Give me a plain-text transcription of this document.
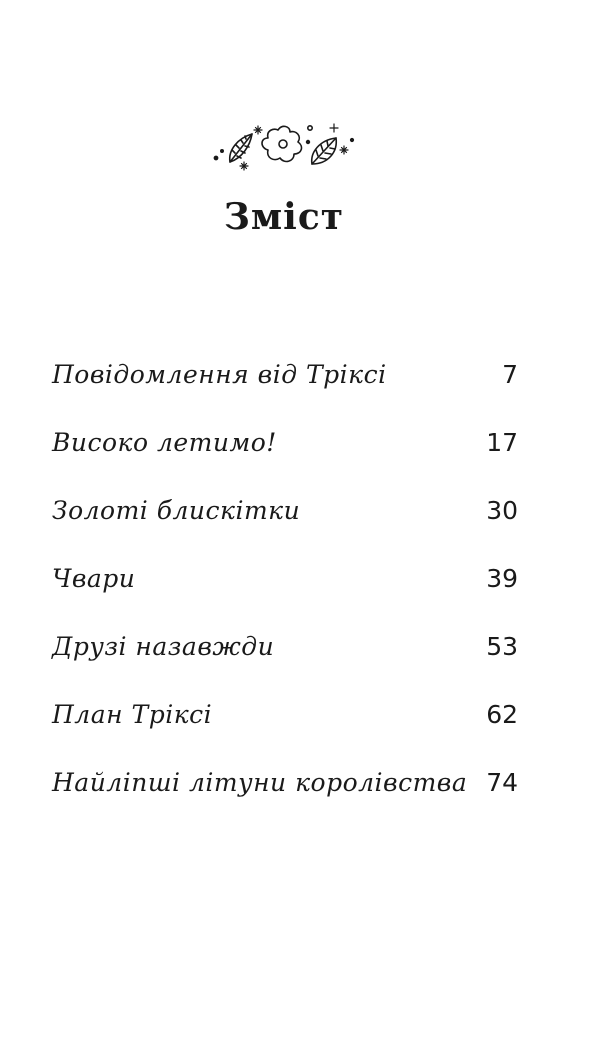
Зміст
Повідомлення від Тріксі	7
Високо летимо!	17
Золоті блискітки	30
Чвари	39
Друзі назавжди	53
План Тріксі	62
Найліпші літуни королівства 74
